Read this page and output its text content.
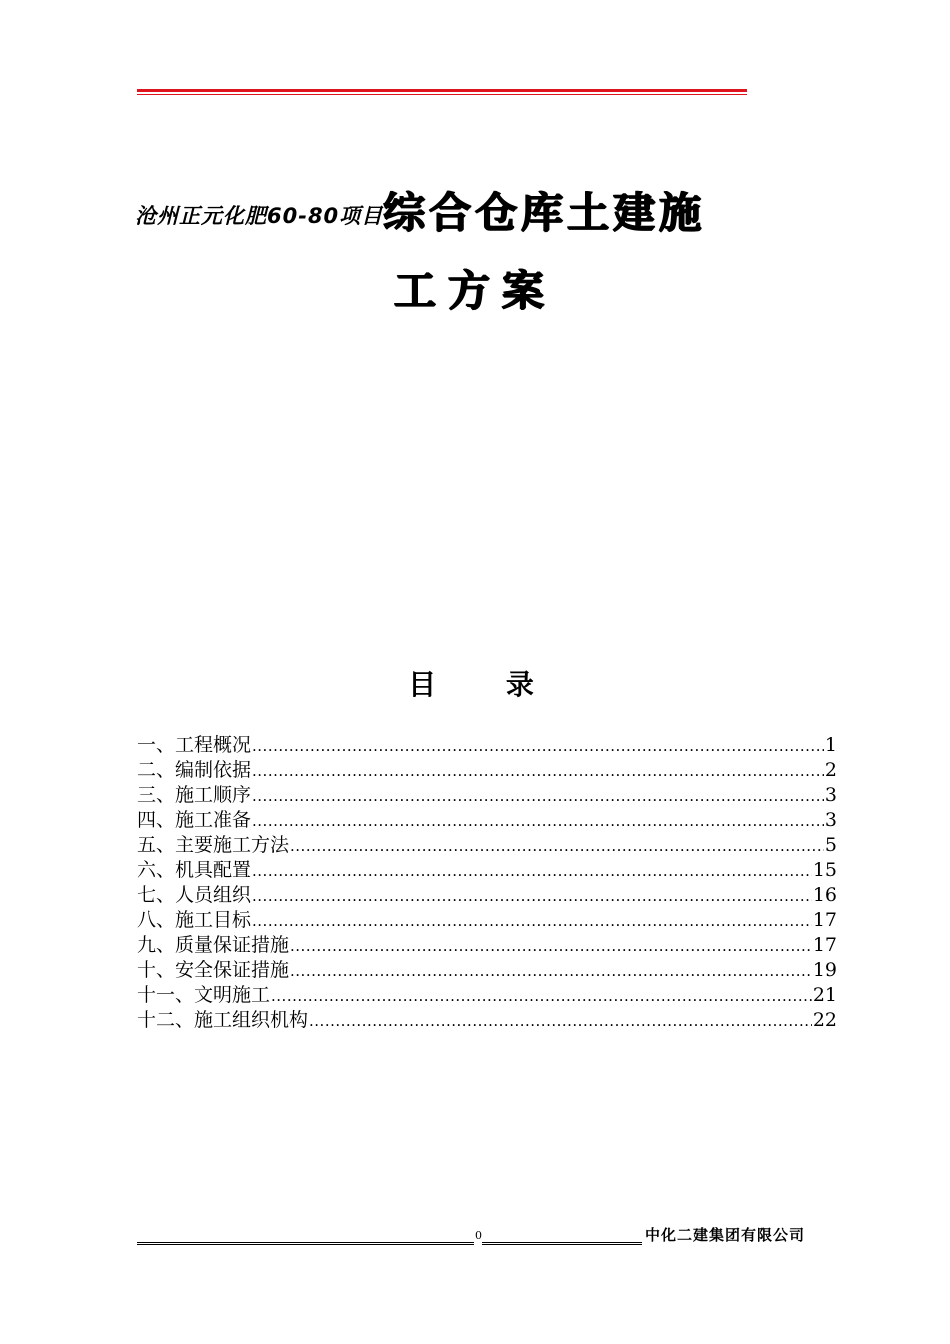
沧州正元化肥60-80项目综合仓库土建施
工方案
目 录
一、工程概况 .....	1
二、编制依据 .....	2
三、施工顺序 .....	3
四、施工准备 .....	3
五、主要施工方法 .....	5
六、机具配置 .....	15
七、人员组织 .....	16
八、施工目标 .....	17
九、质量保证措施 .....	17
十、安全保证措施 .....	19
十一、文明施工 .....	21
十二、施工组织机构 .....	22
0	中化二建集团有限公司
